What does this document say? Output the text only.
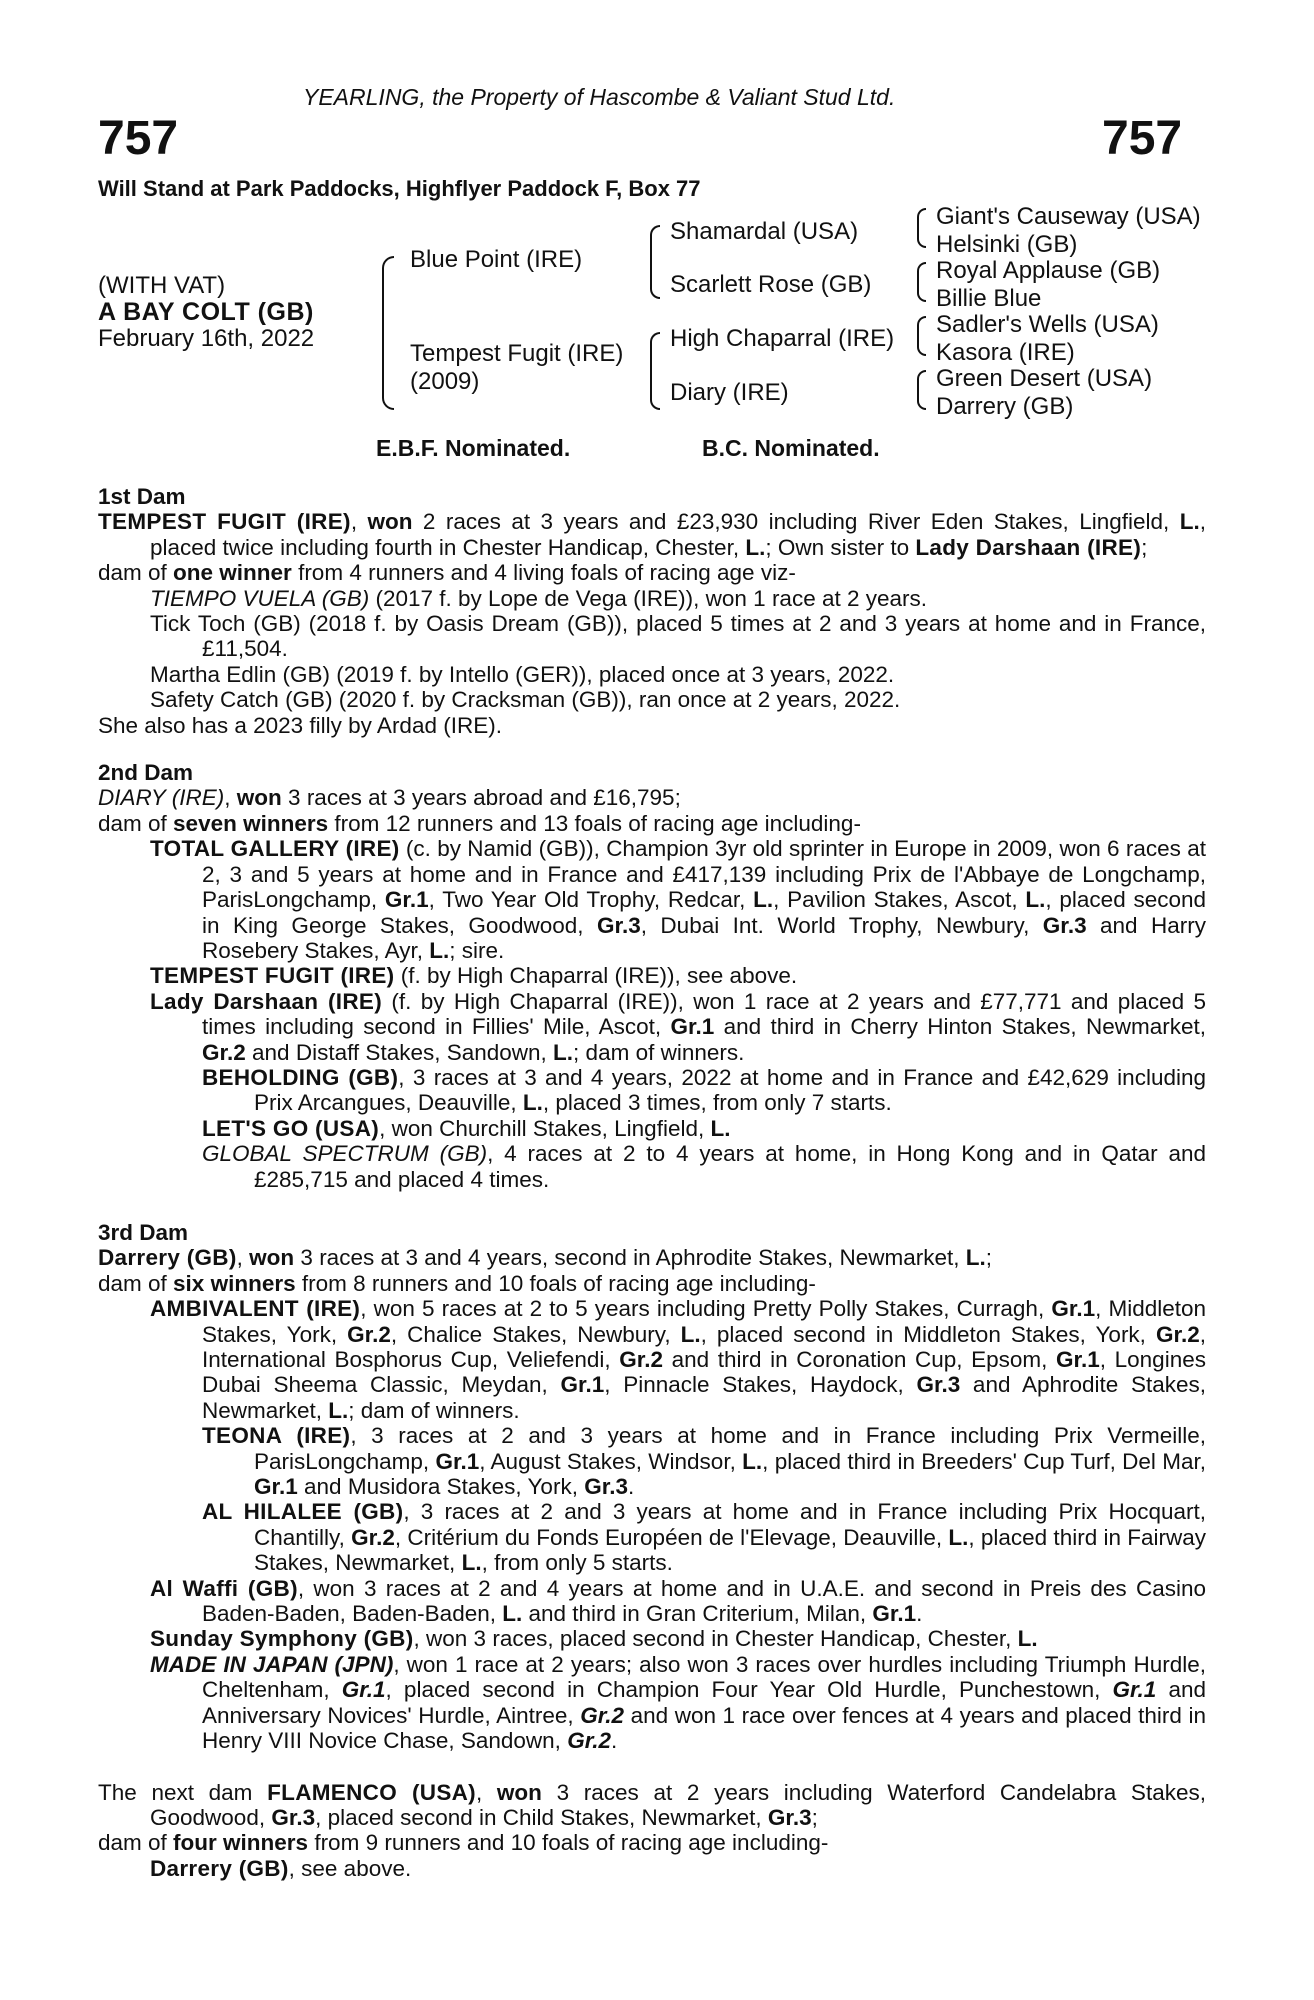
YEARLING, the Property of Hascombe & Valiant Stud Ltd.
757	757
Will Stand at Park Paddocks, Highflyer Paddock F, Box 77
(WITH VAT)
A BAY COLT (GB)
February 16th, 2022
Blue Point (IRE)
Tempest Fugit (IRE)
(2009)
Shamardal (USA)
Scarlett Rose (GB)
High Chaparral (IRE)
Diary (IRE)
Giant's Causeway (USA)
Helsinki (GB)
Royal Applause (GB)
Billie Blue
Sadler's Wells (USA)
Kasora (IRE)
Green Desert (USA)
Darrery (GB)
E.B.F. Nominated.	B.C. Nominated.
1st Dam
TEMPEST FUGIT (IRE), won 2 races at 3 years and £23,930 including River Eden Stakes, Lingfield, L., placed twice including fourth in Chester Handicap, Chester, L.; Own sister to Lady Darshaan (IRE);
dam of one winner from 4 runners and 4 living foals of racing age viz-
TIEMPO VUELA (GB) (2017 f. by Lope de Vega (IRE)), won 1 race at 2 years.
Tick Toch (GB) (2018 f. by Oasis Dream (GB)), placed 5 times at 2 and 3 years at home and in France, £11,504.
Martha Edlin (GB) (2019 f. by Intello (GER)), placed once at 3 years, 2022.
Safety Catch (GB) (2020 f. by Cracksman (GB)), ran once at 2 years, 2022.
She also has a 2023 filly by Ardad (IRE).
2nd Dam
DIARY (IRE), won 3 races at 3 years abroad and £16,795;
dam of seven winners from 12 runners and 13 foals of racing age including-
TOTAL GALLERY (IRE) (c. by Namid (GB)), Champion 3yr old sprinter in Europe in 2009, won 6 races at 2, 3 and 5 years at home and in France and £417,139 including Prix de l'Abbaye de Longchamp, ParisLongchamp, Gr.1, Two Year Old Trophy, Redcar, L., Pavilion Stakes, Ascot, L., placed second in King George Stakes, Goodwood, Gr.3, Dubai Int. World Trophy, Newbury, Gr.3 and Harry Rosebery Stakes, Ayr, L.; sire.
TEMPEST FUGIT (IRE) (f. by High Chaparral (IRE)), see above.
Lady Darshaan (IRE) (f. by High Chaparral (IRE)), won 1 race at 2 years and £77,771 and placed 5 times including second in Fillies' Mile, Ascot, Gr.1 and third in Cherry Hinton Stakes, Newmarket, Gr.2 and Distaff Stakes, Sandown, L.; dam of winners.
BEHOLDING (GB), 3 races at 3 and 4 years, 2022 at home and in France and £42,629 including Prix Arcangues, Deauville, L., placed 3 times, from only 7 starts.
LET'S GO (USA), won Churchill Stakes, Lingfield, L.
GLOBAL SPECTRUM (GB), 4 races at 2 to 4 years at home, in Hong Kong and in Qatar and £285,715 and placed 4 times.
3rd Dam
Darrery (GB), won 3 races at 3 and 4 years, second in Aphrodite Stakes, Newmarket, L.;
dam of six winners from 8 runners and 10 foals of racing age including-
AMBIVALENT (IRE), won 5 races at 2 to 5 years including Pretty Polly Stakes, Curragh, Gr.1, Middleton Stakes, York, Gr.2, Chalice Stakes, Newbury, L., placed second in Middleton Stakes, York, Gr.2, International Bosphorus Cup, Veliefendi, Gr.2 and third in Coronation Cup, Epsom, Gr.1, Longines Dubai Sheema Classic, Meydan, Gr.1, Pinnacle Stakes, Haydock, Gr.3 and Aphrodite Stakes, Newmarket, L.; dam of winners.
TEONA (IRE), 3 races at 2 and 3 years at home and in France including Prix Vermeille, ParisLongchamp, Gr.1, August Stakes, Windsor, L., placed third in Breeders' Cup Turf, Del Mar, Gr.1 and Musidora Stakes, York, Gr.3.
AL HILALEE (GB), 3 races at 2 and 3 years at home and in France including Prix Hocquart, Chantilly, Gr.2, Critérium du Fonds Européen de l'Elevage, Deauville, L., placed third in Fairway Stakes, Newmarket, L., from only 5 starts.
Al Waffi (GB), won 3 races at 2 and 4 years at home and in U.A.E. and second in Preis des Casino Baden-Baden, Baden-Baden, L. and third in Gran Criterium, Milan, Gr.1.
Sunday Symphony (GB), won 3 races, placed second in Chester Handicap, Chester, L.
MADE IN JAPAN (JPN), won 1 race at 2 years; also won 3 races over hurdles including Triumph Hurdle, Cheltenham, Gr.1, placed second in Champion Four Year Old Hurdle, Punchestown, Gr.1 and Anniversary Novices' Hurdle, Aintree, Gr.2 and won 1 race over fences at 4 years and placed third in Henry VIII Novice Chase, Sandown, Gr.2.
The next dam FLAMENCO (USA), won 3 races at 2 years including Waterford Candelabra Stakes, Goodwood, Gr.3, placed second in Child Stakes, Newmarket, Gr.3;
dam of four winners from 9 runners and 10 foals of racing age including-
Darrery (GB), see above.
